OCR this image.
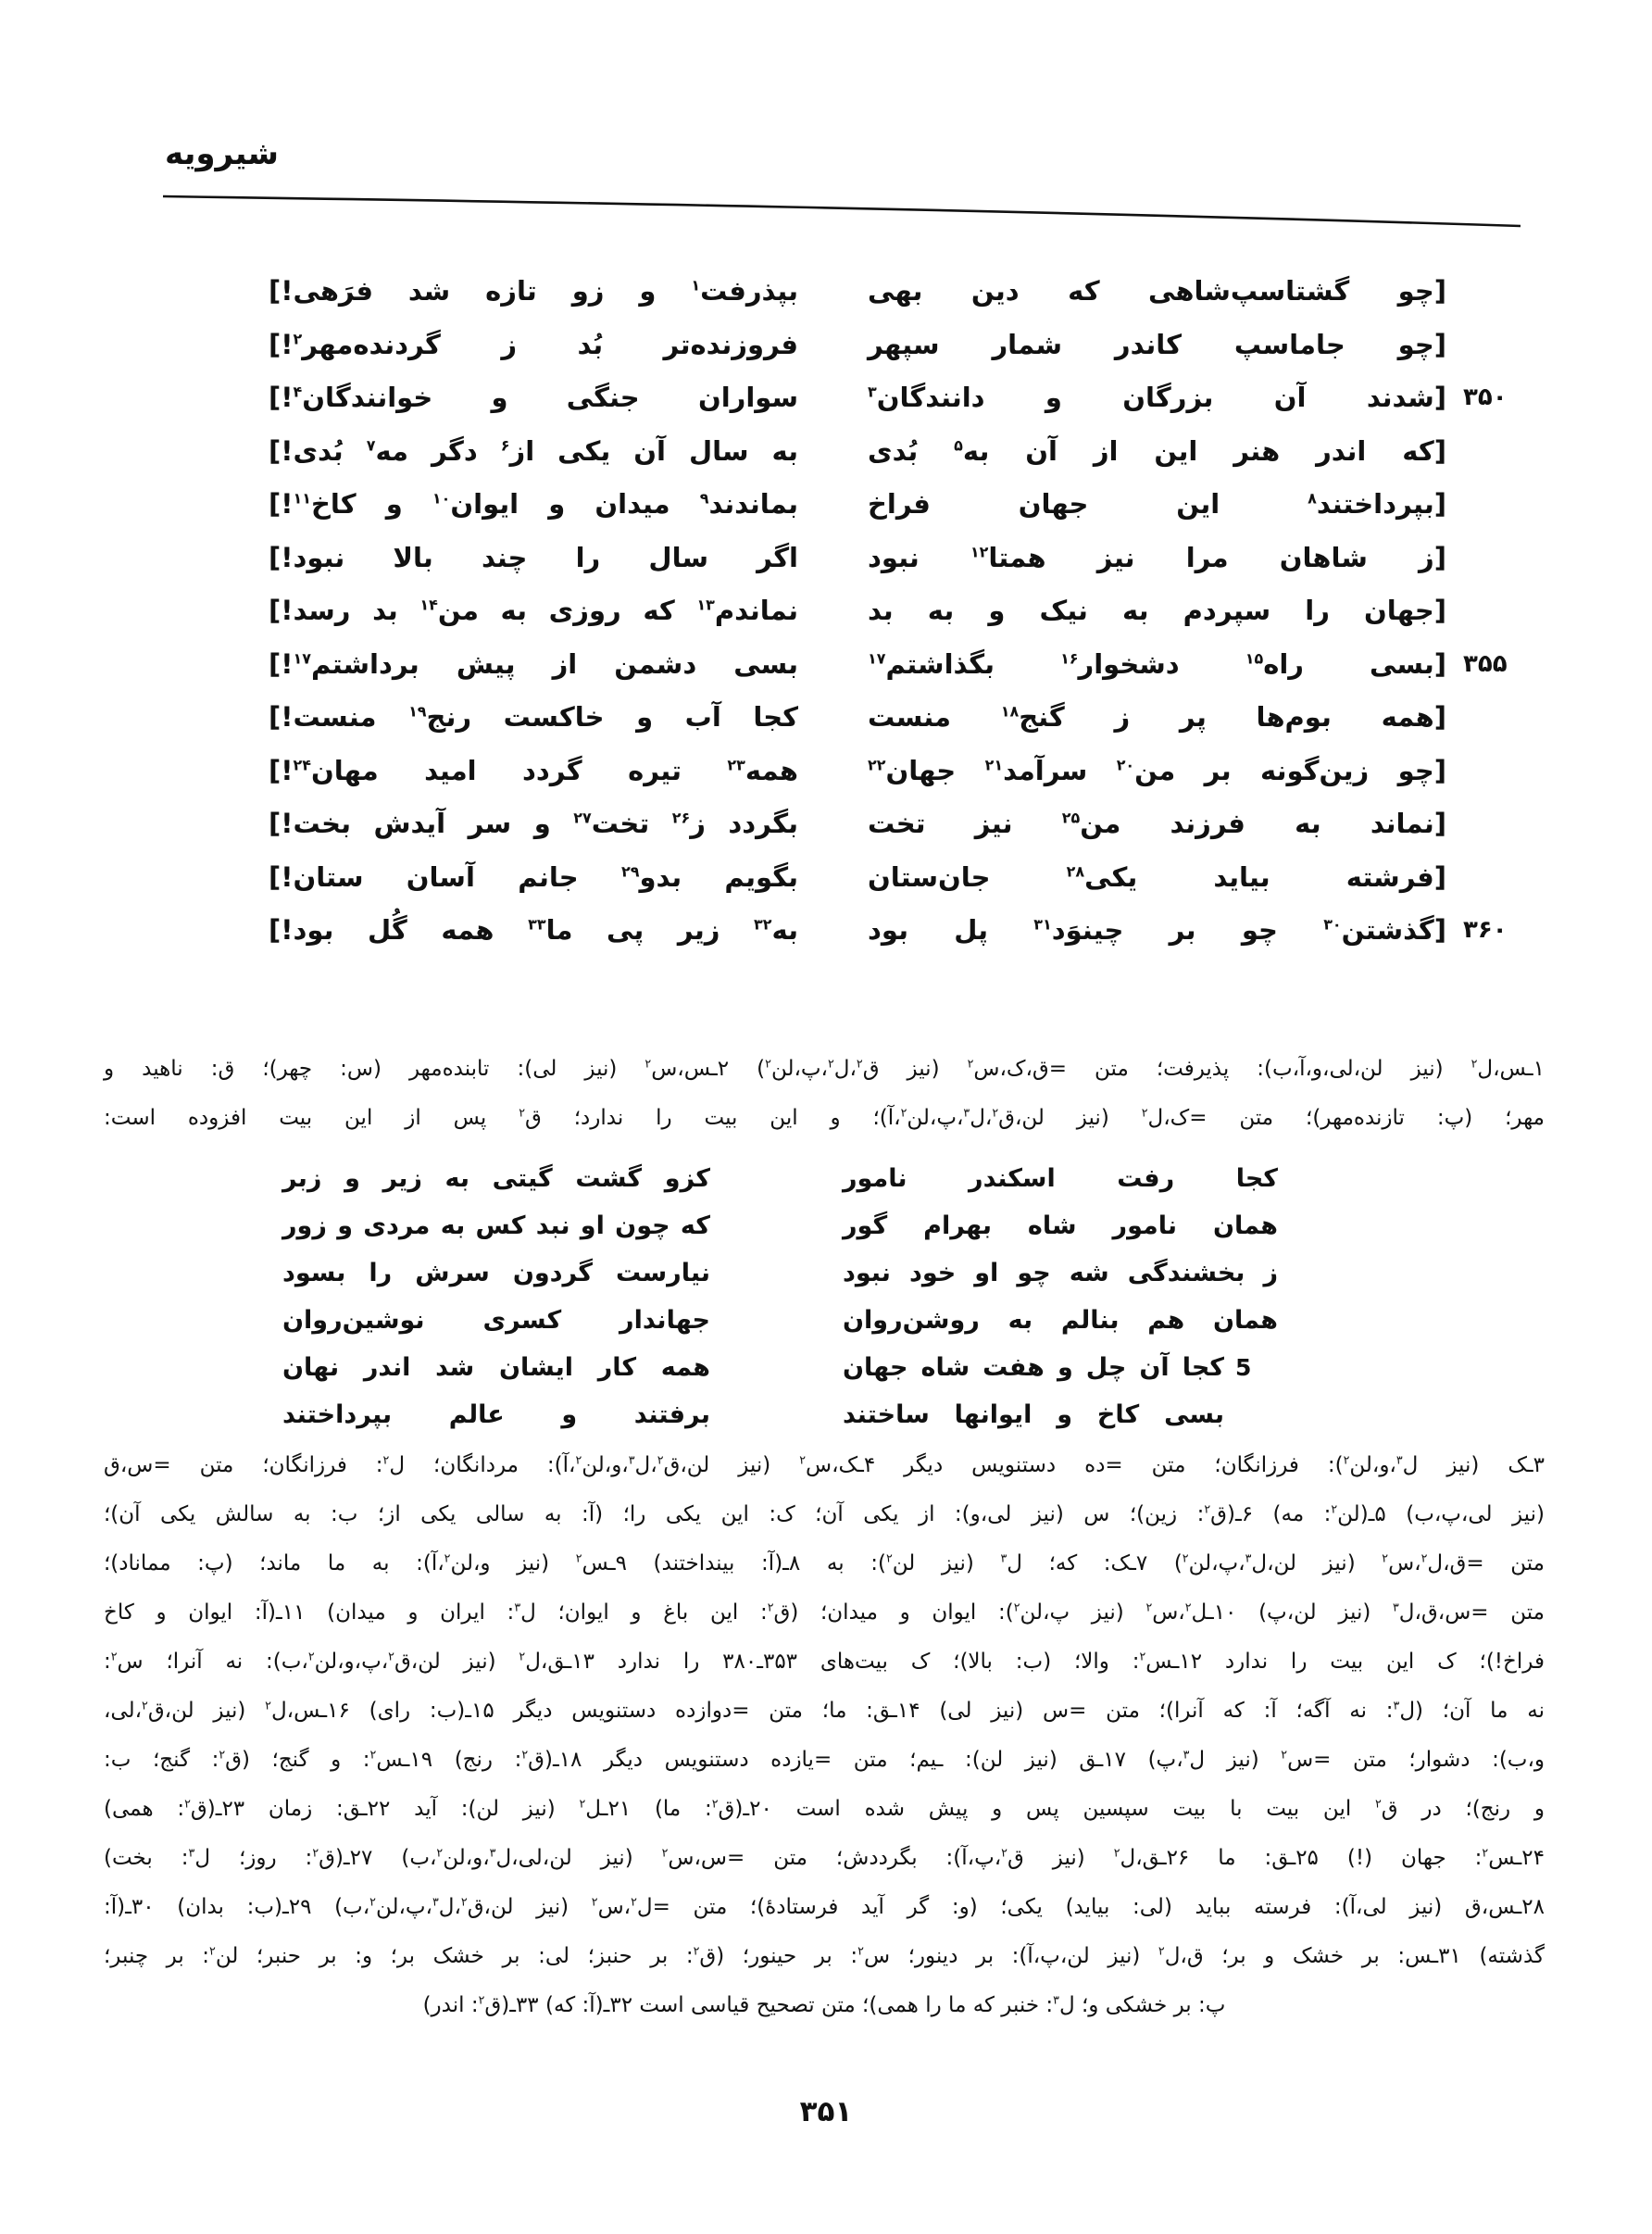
شیرویه
[چو گشتاسپ‌شاهی که دین بهی
بپذرفت$^۱$ و زو تازه شد فرَهی!]
[چو جاماسپ کاندر شمار سپهر
فروزنده‌تر بُد ز گردنده‌مهر$^۲$!]
۳۵۰
[شدند آن بزرگان و دانندگان$^۳$
سواران جنگی و خوانندگان$^۴$!]
[که اندر هنر این از آن به$^۵$ بُدی
به سال آن یکی از$^۶$ دگر مه$^۷$ بُدی!]
[بپرداختند$^۸$ این جهان فراخ
بماندند$^۹$ میدان و ایوان$^{۱۰}$ و کاخ$^{۱۱}$!]
[ز شاهان مرا نیز همتا$^{۱۲}$ نبود
اگر سال را چند بالا نبود!]
[جهان را سپردم به نیک و به بد
نماندم$^{۱۳}$ که روزی به من$^{۱۴}$ بد رسد!]
۳۵۵
[بسی راه$^{۱۵}$ دشخوار$^{۱۶}$ بگذاشتم$^{۱۷}$
بسی دشمن از پیش برداشتم$^{۱۷}$!]
[همه بوم‌ها پر ز گنج$^{۱۸}$ منست
کجا آب و خاکست رنج$^{۱۹}$ منست!]
[چو زین‌گونه بر من$^{۲۰}$ سرآمد$^{۲۱}$ جهان$^{۲۲}$
همه$^{۲۳}$ تیره گردد امید مهان$^{۲۴}$!]
[نماند به فرزند من$^{۲۵}$ نیز تخت
بگردد ز$^{۲۶}$ تخت$^{۲۷}$ و سر آیدش بخت!]
[فرشته بیاید یکی$^{۲۸}$ جان‌ستان
بگویم بدو$^{۲۹}$ جانم آسان ستان!]
۳۶۰
[گذشتن$^{۳۰}$ چو بر چینوَد$^{۳۱}$ پل بود
به$^{۳۲}$ زیر پی ما$^{۳۳}$ همه گُل بود!]
۱ـس،ل$^۲$ (نیز لن،لی،و،آ،ب): پذیرفت؛ متن =ق،ک،س$^۲$ (نیز ق$^۲$،ل$^۲$،پ،لن$^۲$) ۲ـس،س$^۲$ (نیز لی): تابنده‌مهر (س: چهر)؛ ق: ناهید و
مهر؛ (پ: تازنده‌مهر)؛ متن =ک،ل$^۲$ (نیز لن،ق$^۲$،ل$^۳$،پ،لن$^۲$،آ)؛ و این بیت را ندارد؛ ق$^۲$ پس از این بیت افزوده است:
کجا رفت اسکندر نامور
کزو گشت گیتی به زیر و زبر
همان نامور شاه بهرام گور
که چون او نبد کس به مردی و زور
ز بخشندگی شه چو او خود نبود
نیارست گردون سرش را بسود
همان هم بنالم به روشن‌روان
جهاندار کسری نوشین‌روان
5
کجا آن چل و هفت شاه جهان
همه کار ایشان شد اندر نهان
بسی کاخ و ایوانها ساختند
برفتند و عالم بپرداختند
۳ـک (نیز ل$^۳$،و،لن$^۲$): فرزانگان؛ متن =ده دستنویس دیگر ۴ـک،س$^۲$ (نیز لن،ق$^۲$،ل$^۳$،و،لن$^۲$،آ): مردانگان؛ ل$^۲$: فرزانگان؛ متن =س،ق
(نیز لی،پ،ب) ۵ـ(لن$^۲$: مه) ۶ـ(ق$^۲$: زین)؛ س (نیز لی،و): از یکی آن؛ ک: این یکی را؛ (آ: به سالی یکی از؛ ب: به سالش یکی آن)؛
متن =ق،ل$^۲$،س$^۲$ (نیز لن،ل$^۳$،پ،لن$^۲$) ۷ـک: که؛ ل$^۳$ (نیز لن$^۲$): به ۸ـ(آ: بینداختند) ۹ـس$^۲$ (نیز و،لن$^۲$،آ): به ما ماند؛ (پ: مماناد)؛
متن =س،ق،ل$^۳$ (نیز لن،پ) ۱۰ـل$^۲$،س$^۲$ (نیز پ،لن$^۲$): ایوان و میدان؛ (ق$^۲$: این باغ و ایوان؛ ل$^۳$: ایران و میدان) ۱۱ـ(آ: ایوان و کاخ
فراخ!)؛ ک این بیت را ندارد ۱۲ـس$^۲$: والا؛ (ب: بالا)؛ ک بیت‌های ۳۵۳ـ۳۸۰ را ندارد ۱۳ـق،ل$^۲$ (نیز لن،ق$^۲$،پ،و،لن$^۲$،ب): نه آنرا؛ س$^۲$:
نه ما آن؛ (ل$^۳$: نه آگه؛ آ: که آنرا)؛ متن =س (نیز لی) ۱۴ـق: ما؛ متن =دوازده دستنویس دیگر ۱۵ـ(ب: رای) ۱۶ـس،ل$^۲$ (نیز لن،ق$^۲$،لی،
و،ب): دشوار؛ متن =س$^۲$ (نیز ل$^۳$،پ) ۱۷ـق (نیز لن): ـیم؛ متن =یازده دستنویس دیگر ۱۸ـ(ق$^۲$: رنج) ۱۹ـس$^۲$: و گنج؛ (ق$^۲$: گنج؛ ب:
و رنج)؛ در ق$^۲$ این بیت با بیت سپسین پس و پیش شده است ۲۰ـ(ق$^۲$: ما) ۲۱ـل$^۲$ (نیز لن): آید ۲۲ـق: زمان ۲۳ـ(ق$^۲$: همی)
۲۴ـس$^۲$: جهان (!) ۲۵ـق: ما ۲۶ـق،ل$^۲$ (نیز ق$^۲$،پ،آ): بگرددش؛ متن =س،س$^۲$ (نیز لن،لی،ل$^۳$،و،لن$^۲$،ب) ۲۷ـ(ق$^۲$: روز؛ ل$^۳$: بخت)
۲۸ـس،ق (نیز لی،آ): فرسته بباید (لی: بیاید) یکی؛ (و: گر آید فرستادهٔ)؛ متن =ل$^۲$،س$^۲$ (نیز لن،ق$^۲$،ل$^۳$،پ،لن$^۲$،ب) ۲۹ـ(ب: بدان) ۳۰ـ(آ:
گذشته) ۳۱ـس: بر خشک و بر؛ ق،ل$^۲$ (نیز لن،پ،آ): بر دینور؛ س$^۲$: بر حینور؛ (ق$^۲$: بر حنبز؛ لی: بر خشک بر؛ و: بر حنبر؛ لن$^۲$: بر چنبر؛
پ: بر خشکی و؛ ل$^۳$: خنبر که ما را همی)؛ متن تصحیح قیاسی است ۳۲ـ(آ: که) ۳۳ـ(ق$^۲$: اندر)
۳۵۱
